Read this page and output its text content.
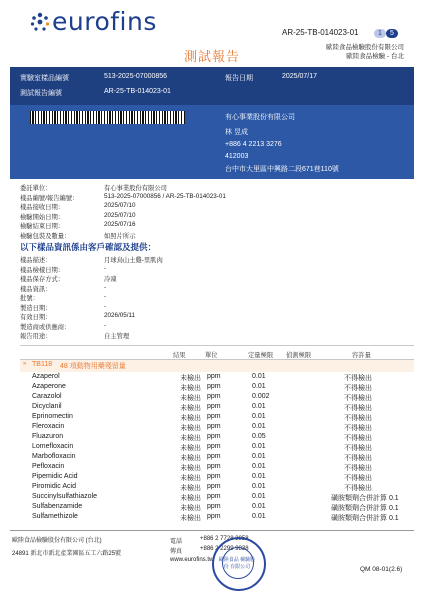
eurofins	AR-25-TB-014023-01	1 5
歐陸食品檢驗股份有限公司
歐陸食品檢驗 - 台北
測試報告
實驗室樣品編號	513-2025-07000856
測試報告編號	AR-25-TB-014023-01
報告日期	2025/07/17
有心事業股份有限公司
林 昱成
+886 4 2213 3276
412003
台中市大里區中興路二段671巷110號
委託單位：	有心事業股份有限公司
樣品編號/報告編號：	513-2025-07000856 / AR-25-TB-014023-01
樣品接收日期：	2025/07/10
檢驗開始日期：	2025/07/10
檢驗結束日期：	2025/07/16
檢驗包裝及數量：	如照片所示
以下樣品資訊係由客戶確認及提供：
樣品描述：	月球烏山土雞-里肌肉
樣品檢樣日期：	-
樣品保存方式：	冷凍
樣品資訊：	-
批號：	-
製造日期：	-
有效日期：	2026/05/11
製造商或供應商：	-
報告用途：	自主管理
結果	單位	定量極限 偵測極限	容許量
» TB118 48 項動物用藥殘留量
Azaperol	未檢出 ppm	0.01	不得檢出
Azaperone	未檢出 ppm	0.01	不得檢出
Carazolol	未檢出 ppm	0.002	不得檢出
Dicyclanil	未檢出 ppm	0.01	不得檢出
Eprinomectin	未檢出 ppm	0.01	不得檢出
Fleroxacin	未檢出 ppm	0.01	不得檢出
Fluazuron	未檢出 ppm	0.05	不得檢出
Lomefloxacin	未檢出 ppm	0.01	不得檢出
Marbofloxacin	未檢出 ppm	0.01	不得檢出
Pefloxacin	未檢出 ppm	0.01	不得檢出
Pipemidic Acid	未檢出 ppm	0.01	不得檢出
Piromidic Acid	未檢出 ppm	0.01	不得檢出
Succinylsulfathiazole	未檢出 ppm	0.01	磺胺類劑合併計算 0.1
Sulfabenzamide	未檢出 ppm	0.01	磺胺類劑合併計算 0.1
Sulfamethizole	未檢出 ppm	0.01	磺胺類劑合併計算 0.1
歐陸食品檢驗股份有限公司 (台北)
24891 新北市新北產業園區五工六路25號
電話	+886 2 7728 3858
傳真	+886 2 2299 9838
www.eurofins.tw 歐陸食品 檢驗股份 有限公司	QM 08-01(2.6)
